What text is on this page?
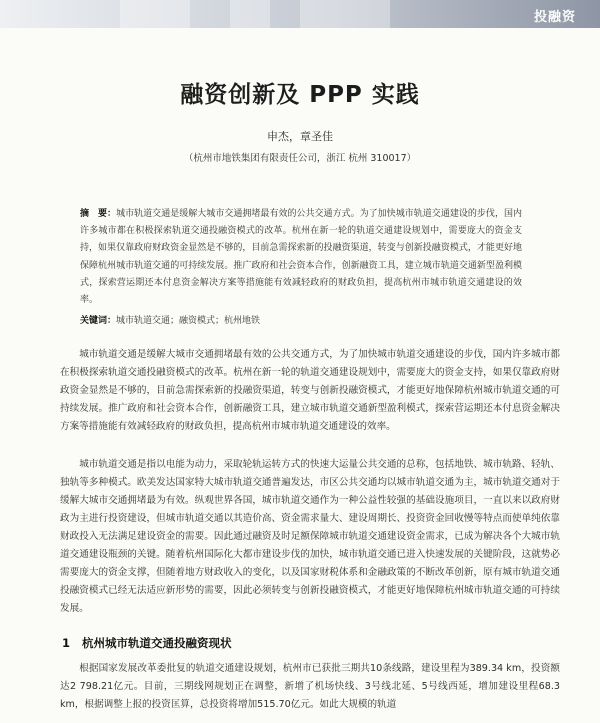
投融资
融资创新及 PPP 实践
申杰，章圣佳
（杭州市地铁集团有限责任公司，浙江 杭州 310017）
摘　要：城市轨道交通是缓解大城市交通拥堵最有效的公共交通方式。为了加快城市轨道交通建设的步伐，国内许多城市都在积极探索轨道交通投融资模式的改革。杭州在新一轮的轨道交通建设规划中，需要庞大的资金支持，如果仅靠政府财政资金显然是不够的，目前急需探索新的投融资渠道，转变与创新投融资模式，才能更好地保障杭州城市轨道交通的可持续发展。推广政府和社会资本合作，创新融资工具，建立城市轨道交通新型盈利模式，探索营运期还本付息资金解决方案等措施能有效减轻政府的财政负担，提高杭州市城市轨道交通建设的效率。
关键词：城市轨道交通；融资模式；杭州地铁
城市轨道交通是缓解大城市交通拥堵最有效的公共交通方式，为了加快城市轨道交通建设的步伐，国内许多城市都在积极探索轨道交通投融资模式的改革。杭州在新一轮的轨道交通建设规划中，需要庞大的资金支持，如果仅靠政府财政资金显然是不够的，目前急需探索新的投融资渠道，转变与创新投融资模式，才能更好地保障杭州城市轨道交通的可持续发展。推广政府和社会资本合作，创新融资工具，建立城市轨道交通新型盈利模式，探索营运期还本付息资金解决方案等措施能有效减轻政府的财政负担，提高杭州市城市轨道交通建设的效率。
城市轨道交通是指以电能为动力，采取轮轨运转方式的快速大运量公共交通的总称，包括地铁、城市轨路、轻轨、独轨等多种模式。欧美发达国家特大城市轨道交通普遍发达，市区公共交通均以城市轨道交通为主，城市轨道交通对于缓解大城市交通拥堵最为有效。纵观世界各国，城市轨道交通作为一种公益性较强的基础设施项目，一直以来以政府财政为主进行投资建设，但城市轨道交通以其造价高、资金需求量大、建设周期长、投资资金回收慢等特点而使单纯依靠财政投入无法满足建设资金的需要。因此通过融资及时足额保障城市轨道交通建设资金需求，已成为解决各个大城市轨道交通建设瓶颈的关键。随着杭州国际化大都市建设步伐的加快，城市轨道交通已进入快速发展的关键阶段，这就势必需要庞大的资金支撑，但随着地方财政收入的变化，以及国家财税体系和金融政策的不断改革创新，原有城市轨道交通投融资模式已经无法适应新形势的需要，因此必须转变与创新投融资模式，才能更好地保障杭州城市轨道交通的可持续发展。
1 杭州城市轨道交通投融资现状
根据国家发展改革委批复的轨道交通建设规划，杭州市已获批三期共10条线路，建设里程为389.34 km，投资额达2 798.21亿元。目前，三期线网规划正在调整，新增了机场快线、3号线北延、5号线西延，增加建设里程68.3 km，根据调整上报的投资匡算，总投资将增加515.70亿元。如此大规模的轨道
